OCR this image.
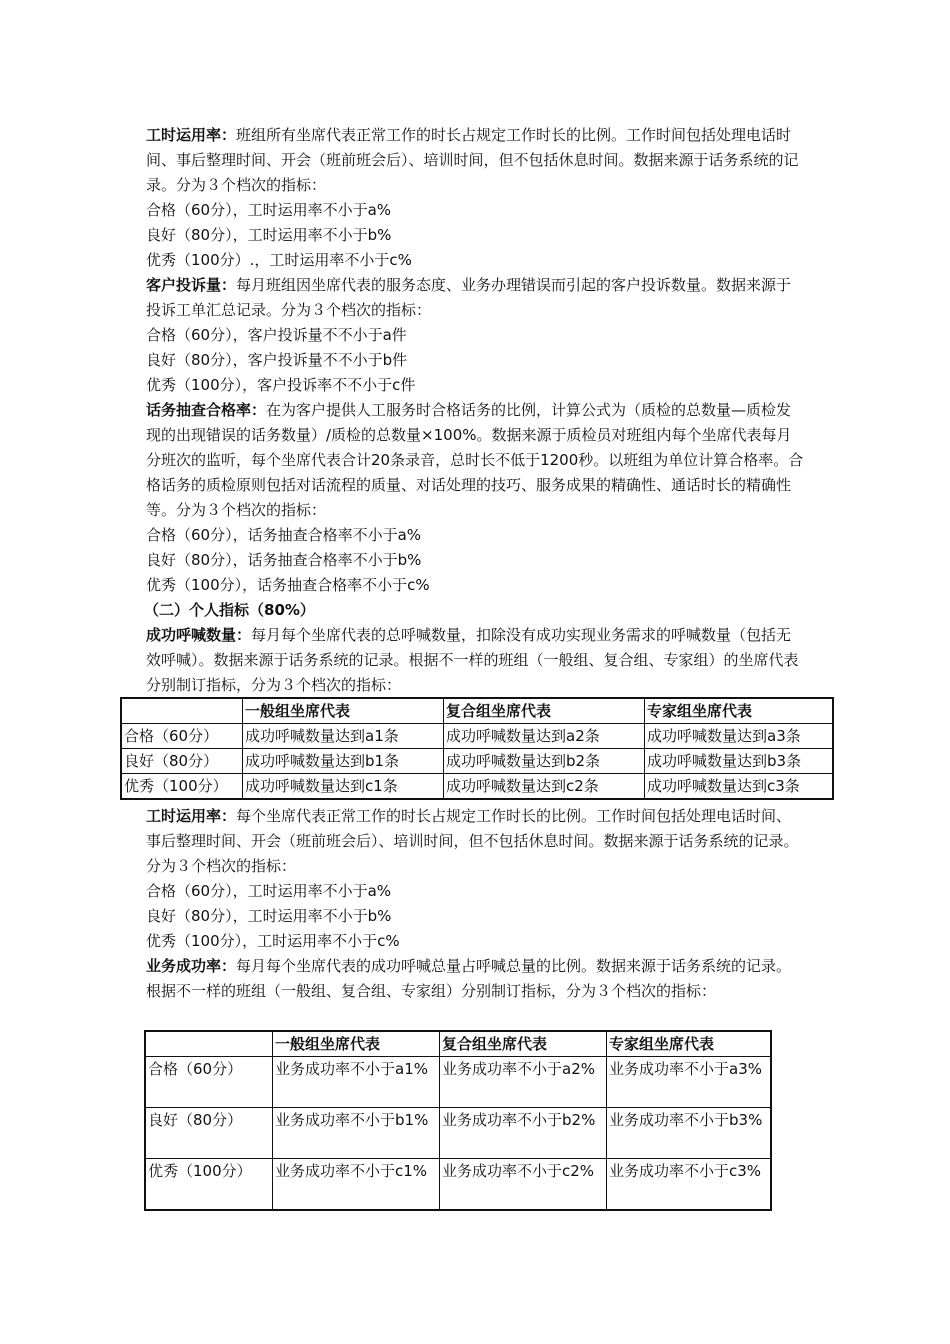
工时运用率：班组所有坐席代表正常工作的时长占规定工作时长的比例。工作时间包括处理电话时间、事后整理时间、开会（班前班会后）、培训时间，但不包括休息时间。数据来源于话务系统的记录。分为３个档次的指标：

合格（60分），工时运用率不小于a%

良好（80分），工时运用率不小于b%

优秀（100分）.，工时运用率不小于c%

客户投诉量：每月班组因坐席代表的服务态度、业务办理错误而引起的客户投诉数量。数据来源于投诉工单汇总记录。分为３个档次的指标：

合格（60分），客户投诉量不不小于a件

良好（80分），客户投诉量不不小于b件

优秀（100分），客户投诉率不不小于c件

话务抽查合格率：在为客户提供人工服务时合格话务的比例，计算公式为（质检的总数量—质检发现的出现错误的话务数量）/质检的总数量×100%。数据来源于质检员对班组内每个坐席代表每月分班次的监听，每个坐席代表合计20条录音，总时长不低于1200秒。以班组为单位计算合格率。合格话务的质检原则包括对话流程的质量、对话处理的技巧、服务成果的精确性、通话时长的精确性等。分为３个档次的指标：

合格（60分），话务抽查合格率不小于a%

良好（80分），话务抽查合格率不小于b%

优秀（100分），话务抽查合格率不小于c%

（二）个人指标（80%）

成功呼喊数量：每月每个坐席代表的总呼喊数量，扣除没有成功实现业务需求的呼喊数量（包括无效呼喊）。数据来源于话务系统的记录。根据不一样的班组（一般组、复合组、专家组）的坐席代表分别制订指标，分为３个档次的指标：

	一般组坐席代表	复合组坐席代表	专家组坐席代表
合格（60分）	成功呼喊数量达到a1条	成功呼喊数量达到a2条	成功呼喊数量达到a3条
良好（80分）	成功呼喊数量达到b1条	成功呼喊数量达到b2条	成功呼喊数量达到b3条
优秀（100分）	成功呼喊数量达到c1条	成功呼喊数量达到c2条	成功呼喊数量达到c3条

工时运用率：每个坐席代表正常工作的时长占规定工作时长的比例。工作时间包括处理电话时间、事后整理时间、开会（班前班会后）、培训时间，但不包括休息时间。数据来源于话务系统的记录。分为３个档次的指标：

合格（60分），工时运用率不小于a%

良好（80分），工时运用率不小于b%

优秀（100分），工时运用率不小于c%

业务成功率：每月每个坐席代表的成功呼喊总量占呼喊总量的比例。数据来源于话务系统的记录。根据不一样的班组（一般组、复合组、专家组）分别制订指标，分为３个档次的指标：

	一般组坐席代表	复合组坐席代表	专家组坐席代表
合格（60分）	业务成功率不小于a1%	业务成功率不小于a2%	业务成功率不小于a3%
良好（80分）	业务成功率不小于b1%	业务成功率不小于b2%	业务成功率不小于b3%
优秀（100分）	业务成功率不小于c1%	业务成功率不小于c2%	业务成功率不小于c3%
